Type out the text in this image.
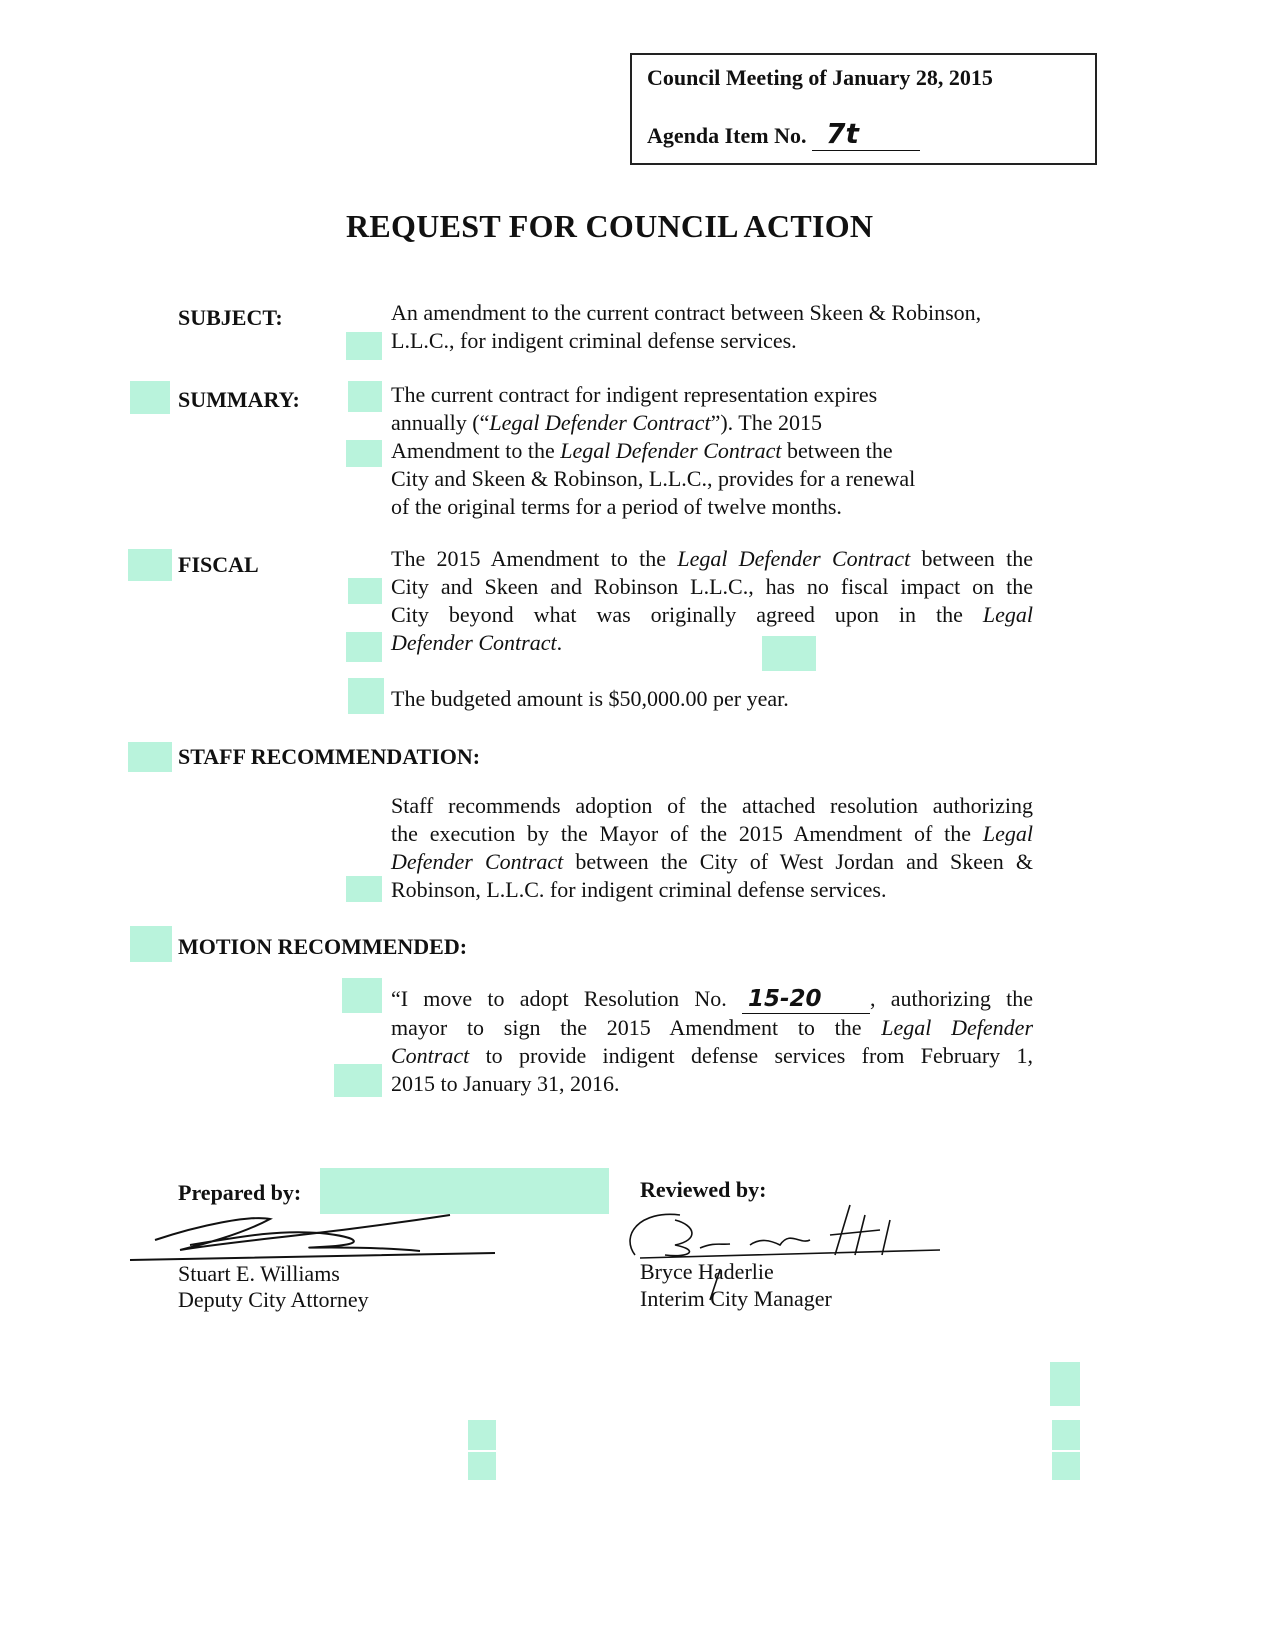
Council Meeting of January 28, 2015
Agenda Item No. 7t
REQUEST FOR COUNCIL ACTION
SUBJECT:	An amendment to the current contract between Skeen & Robinson,
L.L.C., for indigent criminal defense services.
SUMMARY:	The current contract for indigent representation expires
annually (“Legal Defender Contract”). The 2015
Amendment to the Legal Defender Contract between the
City and Skeen & Robinson, L.L.C., provides for a renewal
of the original terms for a period of twelve months.
FISCAL	The 2015 Amendment to the Legal Defender Contract between the
City and Skeen and Robinson L.L.C., has no fiscal impact on the
City beyond what was originally agreed upon in the Legal
Defender Contract.
The budgeted amount is $50,000.00 per year.
STAFF RECOMMENDATION:
Staff recommends adoption of the attached resolution authorizing
the execution by the Mayor of the 2015 Amendment of the Legal
Defender Contract between the City of West Jordan and Skeen &
Robinson, L.L.C. for indigent criminal defense services.
MOTION RECOMMENDED:
“I move to adopt Resolution No. 15-20 , authorizing the
mayor to sign the 2015 Amendment to the Legal Defender
Contract to provide indigent defense services from February 1,
2015 to January 31, 2016.
Prepared by:
Stuart E. Williams
Deputy City Attorney
Reviewed by:
Bryce Haderlie
Interim City Manager
